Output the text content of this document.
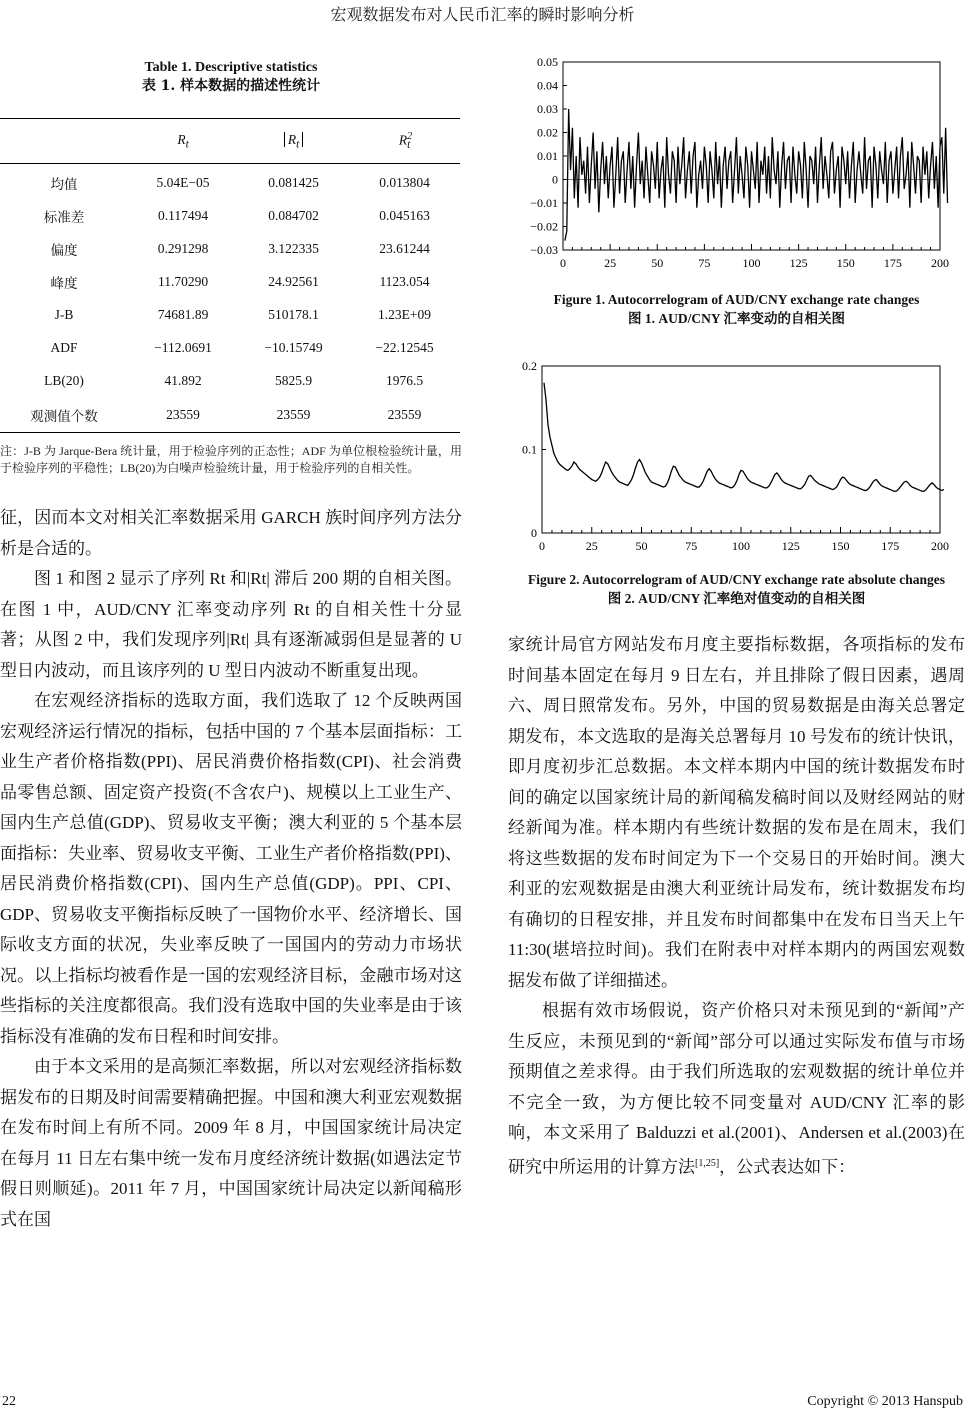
宏观数据发布对人民币汇率的瞬时影响分析
Table 1. Descriptive statistics
表 1. 样本数据的描述性统计
	$R_t$	$R_t$	$R^2_t$
均值	5.04E−05	0.081425	0.013804
标准差	0.117494	0.084702	0.045163
偏度	0.291298	3.122335	23.61244
峰度	11.70290	24.92561	1123.054
J-B	74681.89	510178.1	1.23E+09
ADF	−112.0691	−10.15749	−22.12545
LB(20)	41.892	5825.9	1976.5
观测值个数	23559	23559	23559
注：J-B 为 Jarque-Bera 统计量，用于检验序列的正态性；ADF 为单位根检验统计量，用于检验序列的平稳性；LB(20)为白噪声检验统计量，用于检验序列的自相关性。

征，因而本文对相关汇率数据采用 GARCH 族时间序列方法分析是合适的。

图 1 和图 2 显示了序列 Rt 和|Rt| 滞后 200 期的自相关图。在图 1 中，AUD/CNY 汇率变动序列 Rt 的自相关性十分显著；从图 2 中，我们发现序列|Rt| 具有逐渐减弱但是显著的 U 型日内波动，而且该序列的 U 型日内波动不断重复出现。

在宏观经济指标的选取方面，我们选取了 12 个反映两国宏观经济运行情况的指标，包括中国的 7 个基本层面指标：工业生产者价格指数(PPI)、居民消费价格指数(CPI)、社会消费品零售总额、固定资产投资(不含农户)、规模以上工业生产、国内生产总值(GDP)、贸易收支平衡；澳大利亚的 5 个基本层面指标：失业率、贸易收支平衡、工业生产者价格指数(PPI)、居民消费价格指数(CPI)、国内生产总值(GDP)。PPI、CPI、GDP、贸易收支平衡指标反映了一国物价水平、经济增长、国际收支方面的状况，失业率反映了一国国内的劳动力市场状况。以上指标均被看作是一国的宏观经济目标，金融市场对这些指标的关注度都很高。我们没有选取中国的失业率是由于该指标没有准确的发布日程和时间安排。

由于本文采用的是高频汇率数据，所以对宏观经济指标数据发布的日期及时间需要精确把握。中国和澳大利亚宏观数据在发布时间上有所不同。2009 年 8 月，中国国家统计局决定在每月 11 日左右集中统一发布月度经济统计数据(如遇法定节假日则顺延)。2011 年 7 月，中国国家统计局决定以新闻稿形式在国

0.05
0.04
0.03
0.02
0.01
0
−0.01
−0.02
−0.03
0	25	50	75	100 125 150 175 200
Figure 1. Autocorrelogram of AUD/CNY exchange rate changes
图 1. AUD/CNY 汇率变动的自相关图
0.2
0.1
0
0	25	50	75	100	125	150	175	200
Figure 2. Autocorrelogram of AUD/CNY exchange rate absolute changes
图 2. AUD/CNY 汇率绝对值变动的自相关图

家统计局官方网站发布月度主要指标数据，各项指标的发布时间基本固定在每月 9 日左右，并且排除了假日因素，遇周六、周日照常发布。另外，中国的贸易数据是由海关总署定期发布，本文选取的是海关总署每月 10 号发布的统计快讯，即月度初步汇总数据。本文样本期内中国的统计数据发布时间的确定以国家统计局的新闻稿发稿时间以及财经网站的财经新闻为准。样本期内有些统计数据的发布是在周末，我们将这些数据的发布时间定为下一个交易日的开始时间。澳大利亚的宏观数据是由澳大利亚统计局发布，统计数据发布均有确切的日程安排，并且发布时间都集中在发布日当天上午 11:30(堪培拉时间)。我们在附表中对样本期内的两国宏观数据发布做了详细描述。

根据有效市场假说，资产价格只对未预见到的“新闻”产生反应，未预见到的“新闻”部分可以通过实际发布值与市场预期值之差求得。由于我们所选取的宏观数据的统计单位并不完全一致，为方便比较不同变量对 AUD/CNY 汇率的影响，本文采用了 Balduzzi et al.(2001)、Andersen et al.(2003)在研究中所运用的计算方法[1,25]，公式表达如下：

22	Copyright © 2013 Hanspub
